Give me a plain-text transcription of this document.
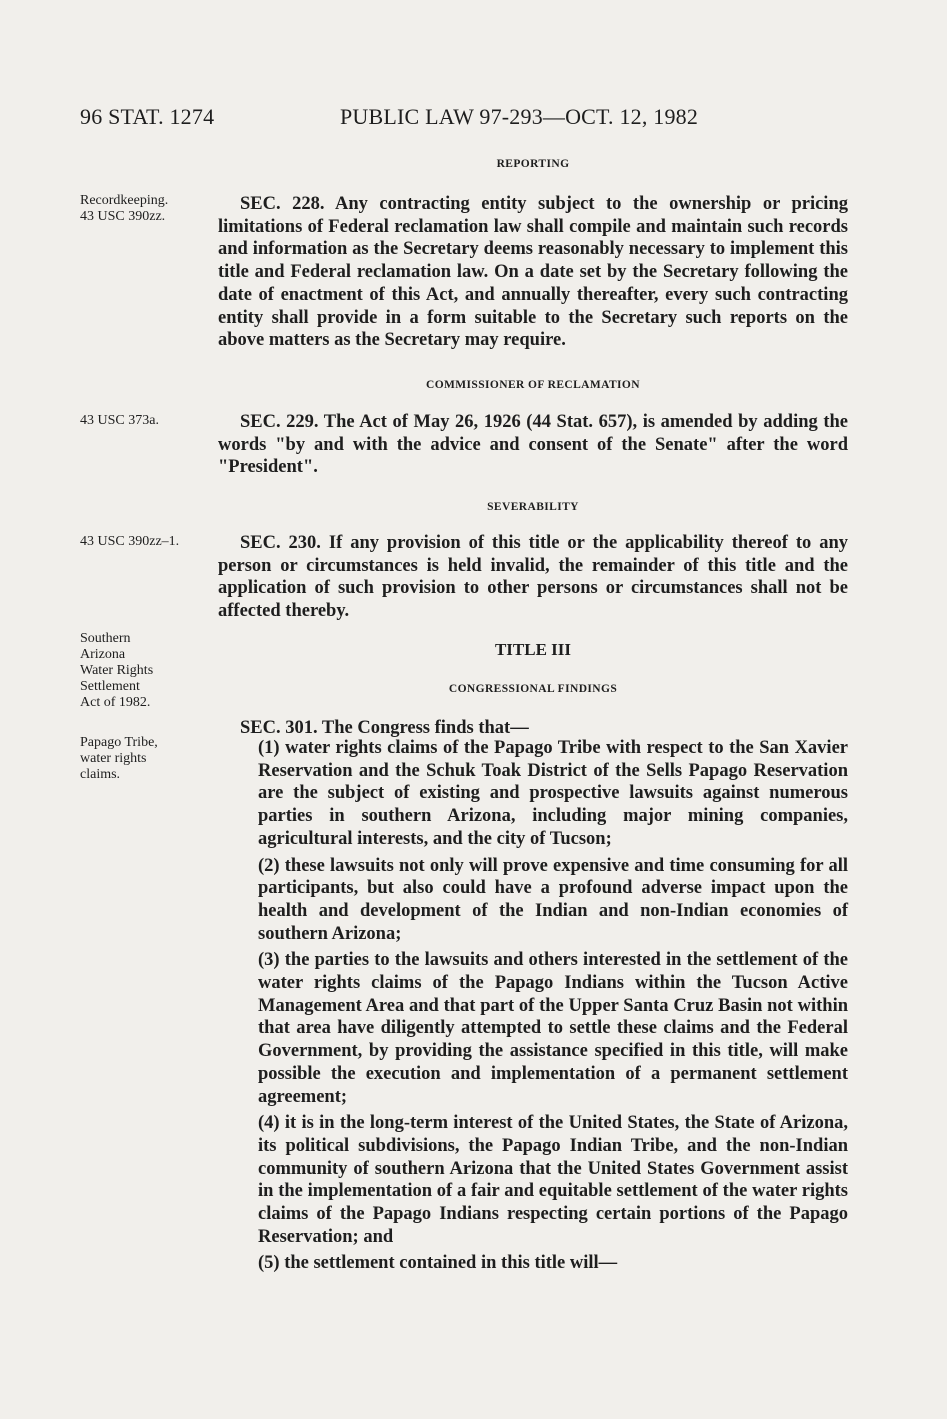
96 STAT. 1274	PUBLIC LAW 97-293—OCT. 12, 1982
REPORTING
Recordkeeping.
43 USC 390zz.
SEC. 228. Any contracting entity subject to the ownership or pricing limitations of Federal reclamation law shall compile and maintain such records and information as the Secretary deems reasonably necessary to implement this title and Federal reclamation law. On a date set by the Secretary following the date of enactment of this Act, and annually thereafter, every such contracting entity shall provide in a form suitable to the Secretary such reports on the above matters as the Secretary may require.
COMMISSIONER OF RECLAMATION
43 USC 373a.	SEC. 229. The Act of May 26, 1926 (44 Stat. 657), is amended by adding the words "by and with the advice and consent of the Senate" after the word "President".
SEVERABILITY
43 USC 390zz–1.	SEC. 230. If any provision of this title or the applicability thereof to any person or circumstances is held invalid, the remainder of this title and the application of such provision to other persons or circumstances shall not be affected thereby.
Southern
Arizona
Water Rights
Settlement
Act of 1982.
TITLE III
CONGRESSIONAL FINDINGS
Papago Tribe,
water rights
claims.
SEC. 301. The Congress finds that—
(1) water rights claims of the Papago Tribe with respect to the San Xavier Reservation and the Schuk Toak District of the Sells Papago Reservation are the subject of existing and prospective lawsuits against numerous parties in southern Arizona, including major mining companies, agricultural interests, and the city of Tucson;
(2) these lawsuits not only will prove expensive and time consuming for all participants, but also could have a profound adverse impact upon the health and development of the Indian and non-Indian economies of southern Arizona;
(3) the parties to the lawsuits and others interested in the settlement of the water rights claims of the Papago Indians within the Tucson Active Management Area and that part of the Upper Santa Cruz Basin not within that area have diligently attempted to settle these claims and the Federal Government, by providing the assistance specified in this title, will make possible the execution and implementation of a permanent settlement agreement;
(4) it is in the long-term interest of the United States, the State of Arizona, its political subdivisions, the Papago Indian Tribe, and the non-Indian community of southern Arizona that the United States Government assist in the implementation of a fair and equitable settlement of the water rights claims of the Papago Indians respecting certain portions of the Papago Reservation; and
(5) the settlement contained in this title will—
